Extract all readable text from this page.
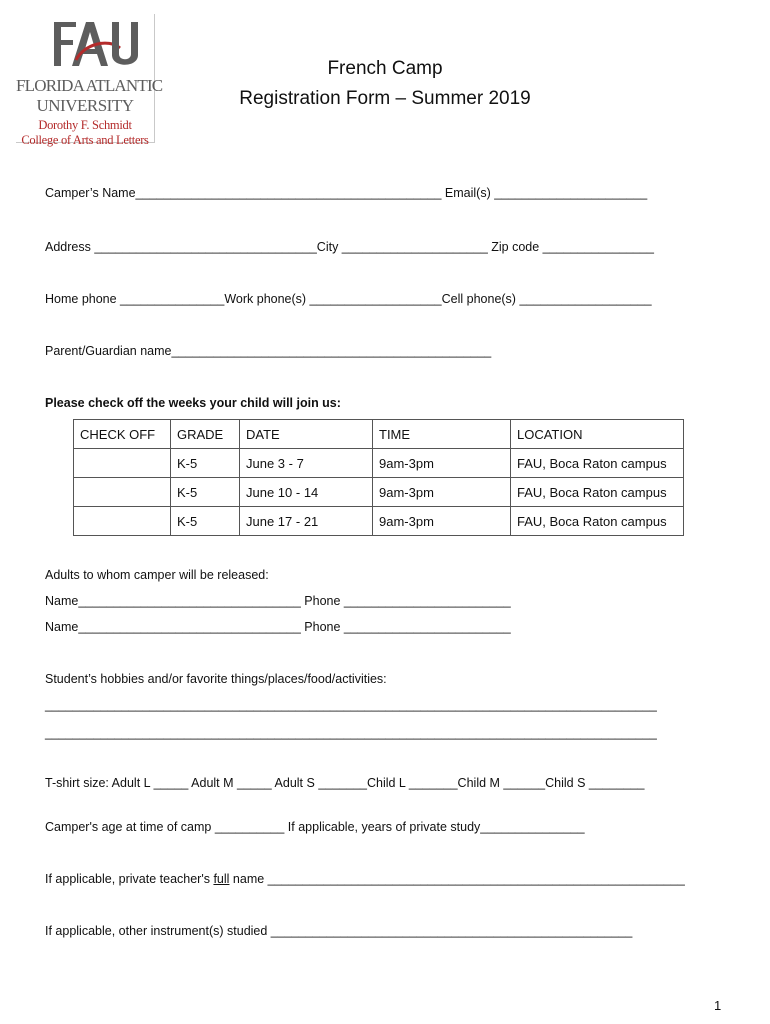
FLORIDA ATLANTIC
UNIVERSITY
Dorothy F. Schmidt
College of Arts and Letters
French Camp
Registration Form – Summer 2019
Camper’s Name____________________________________________ Email(s) ______________________
Address ________________________________City _____________________ Zip code ________________
Home phone _______________Work phone(s) ___________________Cell phone(s) ___________________
Parent/Guardian name______________________________________________
Please check off the weeks your child will join us:
CHECK OFF	GRADE	DATE	TIME	LOCATION
	K-5	June 3 - 7	9am-3pm	FAU, Boca Raton campus
	K-5	June 10 - 14	9am-3pm	FAU, Boca Raton campus
	K-5	June 17 - 21	9am-3pm	FAU, Boca Raton campus
Adults to whom camper will be released:
Name________________________________ Phone ________________________
Name________________________________ Phone ________________________
Student’s hobbies and/or favorite things/places/food/activities:
________________________________________________________________________________________
________________________________________________________________________________________
T-shirt size: Adult L _____ Adult M _____ Adult S _______Child L _______Child M ______Child S ________
Camper's age at time of camp __________ If applicable, years of private study_______________
If applicable, private teacher's full name ____________________________________________________________
If applicable, other instrument(s) studied ____________________________________________________
1
